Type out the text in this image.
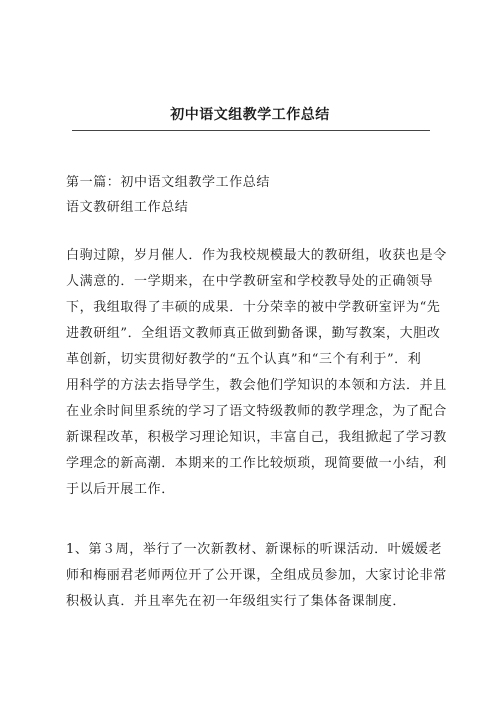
初中语文组教学工作总结
第一篇：初中语文组教学工作总结
语文教研组工作总结
白驹过隙，岁月催人．作为我校规模最大的教研组，收获也是令
人满意的．一学期来，在中学教研室和学校教导处的正确领导
下，我组取得了丰硕的成果．十分荣幸的被中学教研室评为“先
进教研组”．全组语文教师真正做到勤备课，勤写教案，大胆改
革创新，切实贯彻好教学的“五个认真”和“三个有利于”．利
用科学的方法去指导学生，教会他们学知识的本领和方法．并且
在业余时间里系统的学习了语文特级教师的教学理念，为了配合
新课程改革，积极学习理论知识，丰富自己，我组掀起了学习教
学理念的新高潮．本期来的工作比较烦琐，现简要做一小结，利
于以后开展工作．
1、第３周，举行了一次新教材、新课标的听课活动．叶媛媛老
师和梅丽君老师两位开了公开课，全组成员参加，大家讨论非常
积极认真．并且率先在初一年级组实行了集体备课制度．
